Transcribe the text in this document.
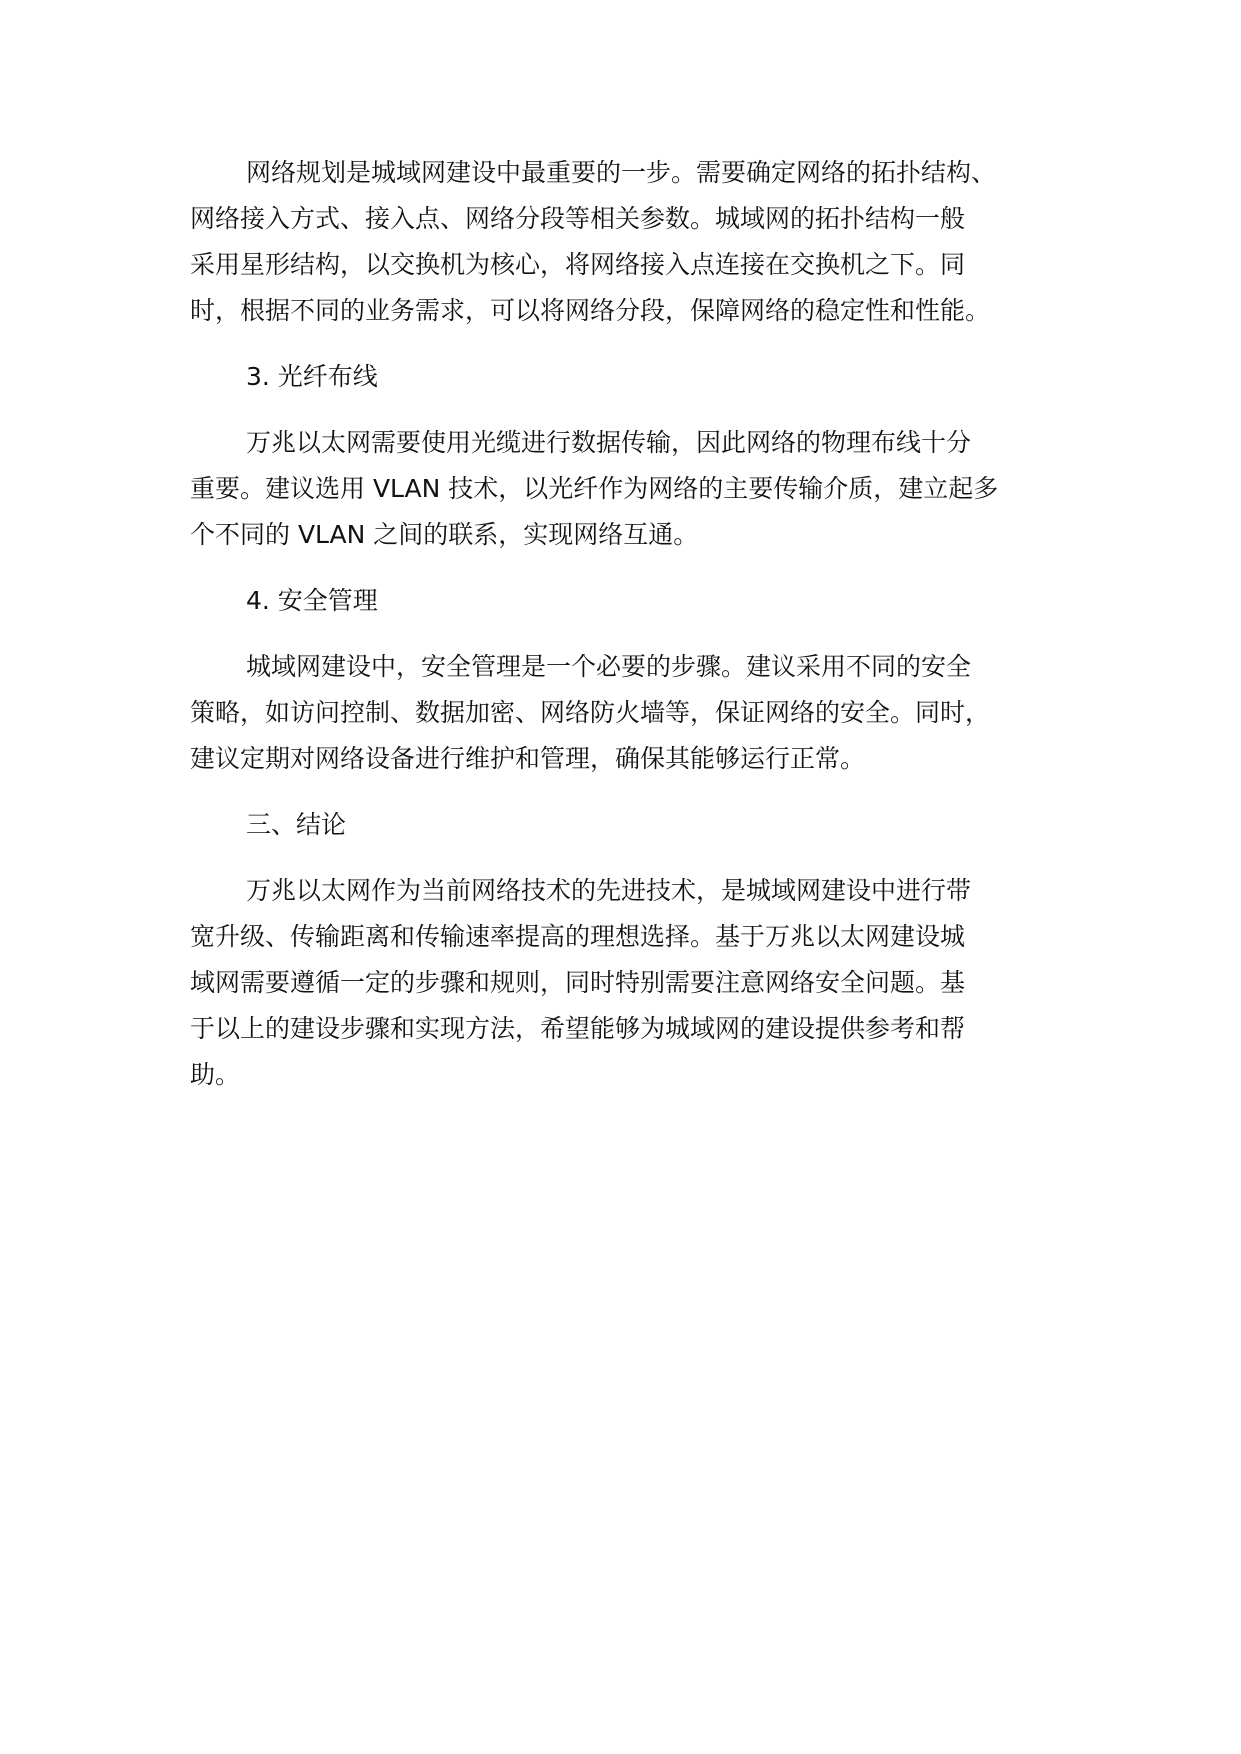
网络规划是城域网建设中最重要的一步。需要确定网络的拓扑结构、
网络接入方式、接入点、网络分段等相关参数。城域网的拓扑结构一般
采用星形结构，以交换机为核心，将网络接入点连接在交换机之下。同
时，根据不同的业务需求，可以将网络分段，保障网络的稳定性和性能。
3. 光纤布线
万兆以太网需要使用光缆进行数据传输，因此网络的物理布线十分
重要。建议选用 VLAN 技术，以光纤作为网络的主要传输介质，建立起多
个不同的 VLAN 之间的联系，实现网络互通。
4. 安全管理
城域网建设中，安全管理是一个必要的步骤。建议采用不同的安全
策略，如访问控制、数据加密、网络防火墙等，保证网络的安全。同时，
建议定期对网络设备进行维护和管理，确保其能够运行正常。
三、结论
万兆以太网作为当前网络技术的先进技术，是城域网建设中进行带
宽升级、传输距离和传输速率提高的理想选择。基于万兆以太网建设城
域网需要遵循一定的步骤和规则，同时特别需要注意网络安全问题。基
于以上的建设步骤和实现方法，希望能够为城域网的建设提供参考和帮
助。
